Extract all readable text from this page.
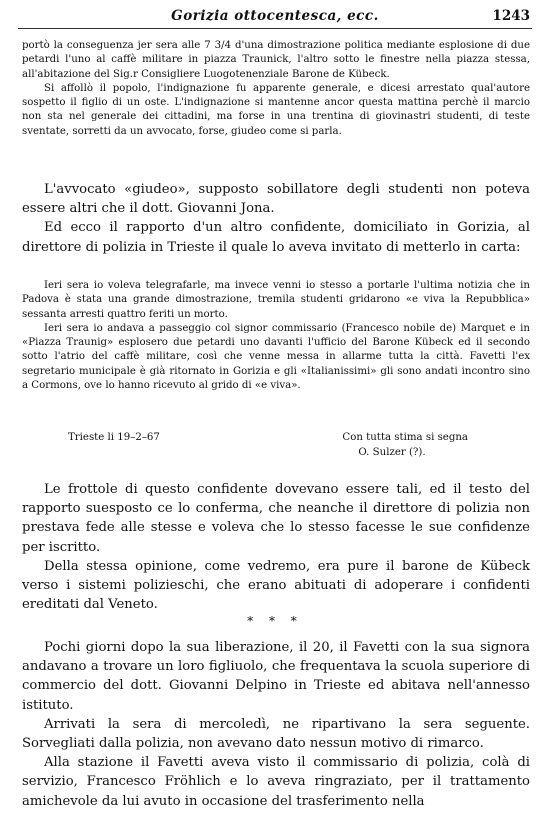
Gorizia ottocentesca, ecc.	1243

portò la conseguenza jer sera alle 7 3/4 d'una dimostrazione politica mediante esplosione di due petardi l'uno al caffè militare in piazza Traunick, l'altro sotto le finestre nella piazza stessa, all'abitazione del Sig.r Consigliere Luogotenenziale Barone de Kübeck.

Si affollò il popolo, l'indignazione fu apparente generale, e dicesi arrestato qual'autore sospetto il figlio di un oste. L'indignazione si mantenne ancor questa mattina perchè il marcio non sta nel generale dei cittadini, ma forse in una trentina di giovinastri studenti, di teste sventate, sorretti da un avvocato, forse, giudeo come si parla.

L'avvocato «giudeo», supposto sobillatore degli studenti non poteva essere altri che il dott. Giovanni Jona.

Ed ecco il rapporto d'un altro confidente, domiciliato in Gorizia, al direttore di polizia in Trieste il quale lo aveva invitato di metterlo in carta:

Ieri sera io voleva telegrafarle, ma invece venni io stesso a portarle l'ultima notizia che in Padova è stata una grande dimostrazione, tremila studenti gridarono «e viva la Repubblica» sessanta arresti quattro feriti un morto.

Ieri sera io andava a passeggio col signor commissario (Francesco nobile de) Marquet e in «Piazza Traunig» esplosero due petardi uno davanti l'ufficio del Barone Kübeck ed il secondo sotto l'atrio del caffè militare, così che venne messa in allarme tutta la città. Favetti l'ex segretario municipale è già ritornato in Gorizia e gli «Italianissimi» gli sono andati incontro sino a Cormons, ove lo hanno ricevuto al grido di «e viva».

Trieste li 19–2–67	Con tutta stima si segna
O. Sulzer (?).

Le frottole di questo confidente dovevano essere tali, ed il testo del rapporto suesposto ce lo conferma, che neanche il direttore di polizia non prestava fede alle stesse e voleva che lo stesso facesse le sue confidenze per iscritto.

Della stessa opinione, come vedremo, era pure il barone de Kübeck verso i sistemi polizieschi, che erano abituati di adoperare i confidenti ereditati dal Veneto.

* * *

Pochi giorni dopo la sua liberazione, il 20, il Favetti con la sua signora andavano a trovare un loro figliuolo, che frequentava la scuola superiore di commercio del dott. Giovanni Delpino in Trieste ed abitava nell'annesso istituto.

Arrivati la sera di mercoledì, ne ripartivano la sera seguente. Sorvegliati dalla polizia, non avevano dato nessun motivo di rimarco.

Alla stazione il Favetti aveva visto il commissario di polizia, colà di servizio, Francesco Fröhlich e lo aveva ringraziato, per il trattamento amichevole da lui avuto in occasione del trasferimento nella
